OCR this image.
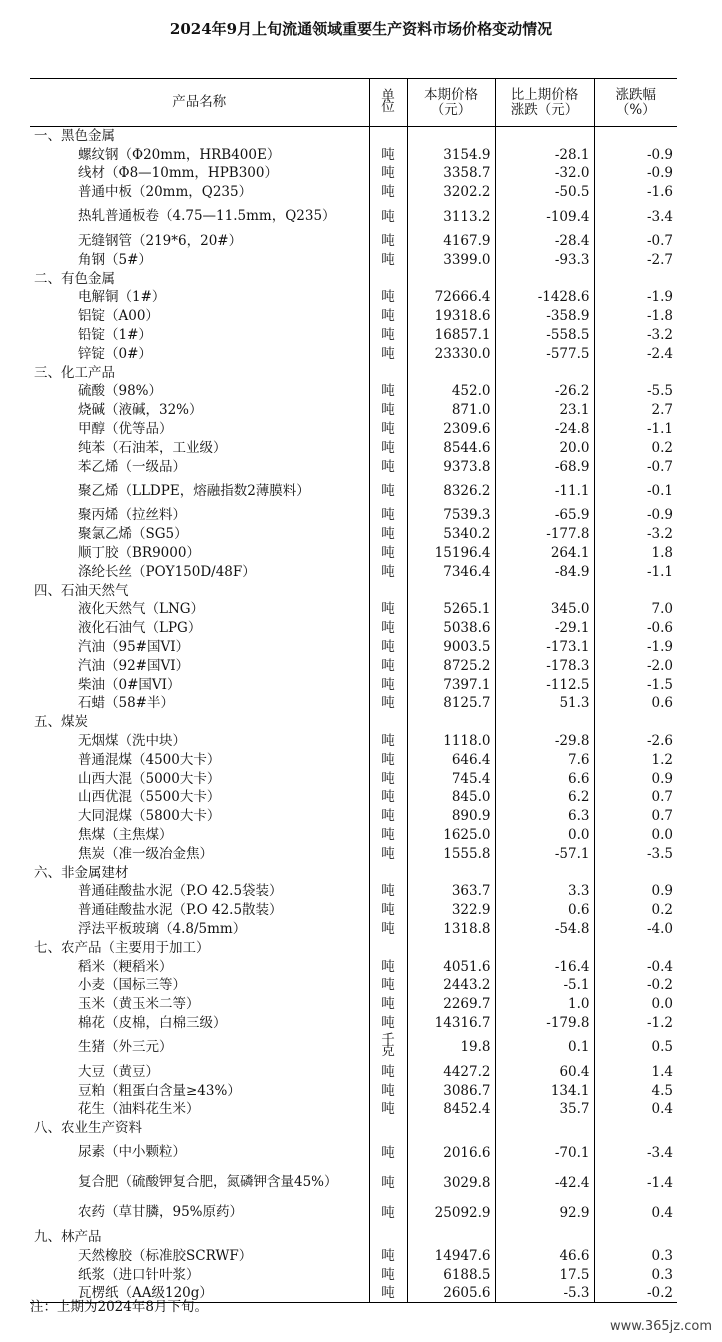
2024年9月上旬流通领域重要生产资料市场价格变动情况
产品名称	单位	本期价格（元）	比上期价格涨跌（元）	涨跌幅（%）
一、黑色金属				
螺纹钢（Φ20mm，HRB400E）	吨	3154.9	-28.1	-0.9
线材（Φ8—10mm，HPB300）	吨	3358.7	-32.0	-0.9
普通中板（20mm，Q235）	吨	3202.2	-50.5	-1.6
热轧普通板卷（4.75—11.5mm，Q235）	吨	3113.2	-109.4	-3.4
无缝钢管（219*6，20#）	吨	4167.9	-28.4	-0.7
角钢（5#）	吨	3399.0	-93.3	-2.7
二、有色金属				
电解铜（1#）	吨	72666.4	-1428.6	-1.9
铝锭（A00）	吨	19318.6	-358.9	-1.8
铅锭（1#）	吨	16857.1	-558.5	-3.2
锌锭（0#）	吨	23330.0	-577.5	-2.4
三、化工产品				
硫酸（98%）	吨	452.0	-26.2	-5.5
烧碱（液碱，32%）	吨	871.0	23.1	2.7
甲醇（优等品）	吨	2309.6	-24.8	-1.1
纯苯（石油苯，工业级）	吨	8544.6	20.0	0.2
苯乙烯（一级品）	吨	9373.8	-68.9	-0.7
聚乙烯（LLDPE，熔融指数2薄膜料）	吨	8326.2	-11.1	-0.1
聚丙烯（拉丝料）	吨	7539.3	-65.9	-0.9
聚氯乙烯（SG5）	吨	5340.2	-177.8	-3.2
顺丁胶（BR9000）	吨	15196.4	264.1	1.8
涤纶长丝（POY150D/48F）	吨	7346.4	-84.9	-1.1
四、石油天然气				
液化天然气（LNG）	吨	5265.1	345.0	7.0
液化石油气（LPG）	吨	5038.6	-29.1	-0.6
汽油（95#国VI）	吨	9003.5	-173.1	-1.9
汽油（92#国VI）	吨	8725.2	-178.3	-2.0
柴油（0#国VI）	吨	7397.1	-112.5	-1.5
石蜡（58#半）	吨	8125.7	51.3	0.6
五、煤炭				
无烟煤（洗中块）	吨	1118.0	-29.8	-2.6
普通混煤（4500大卡）	吨	646.4	7.6	1.2
山西大混（5000大卡）	吨	745.4	6.6	0.9
山西优混（5500大卡）	吨	845.0	6.2	0.7
大同混煤（5800大卡）	吨	890.9	6.3	0.7
焦煤（主焦煤）	吨	1625.0	0.0	0.0
焦炭（准一级冶金焦）	吨	1555.8	-57.1	-3.5
六、非金属建材				
普通硅酸盐水泥（P.O 42.5袋装）	吨	363.7	3.3	0.9
普通硅酸盐水泥（P.O 42.5散装）	吨	322.9	0.6	0.2
浮法平板玻璃（4.8/5mm）	吨	1318.8	-54.8	-4.0
七、农产品（主要用于加工）				
稻米（粳稻米）	吨	4051.6	-16.4	-0.4
小麦（国标三等）	吨	2443.2	-5.1	-0.2
玉米（黄玉米二等）	吨	2269.7	1.0	0.0
棉花（皮棉，白棉三级）	吨	14316.7	-179.8	-1.2
生猪（外三元）	千克	19.8	0.1	0.5
大豆（黄豆）	吨	4427.2	60.4	1.4
豆粕（粗蛋白含量≥43%）	吨	3086.7	134.1	4.5
花生（油料花生米）	吨	8452.4	35.7	0.4
八、农业生产资料				
尿素（中小颗粒）	吨	2016.6	-70.1	-3.4
复合肥（硫酸钾复合肥，氮磷钾含量45%）	吨	3029.8	-42.4	-1.4
农药（草甘膦，95%原药）	吨	25092.9	92.9	0.4
九、林产品				
天然橡胶（标准胶SCRWF）	吨	14947.6	46.6	0.3
纸浆（进口针叶浆）	吨	6188.5	17.5	0.3
瓦楞纸（AA级120g）	吨	2605.6	-5.3	-0.2
注：上期为2024年8月下旬。
www.365jz.com
